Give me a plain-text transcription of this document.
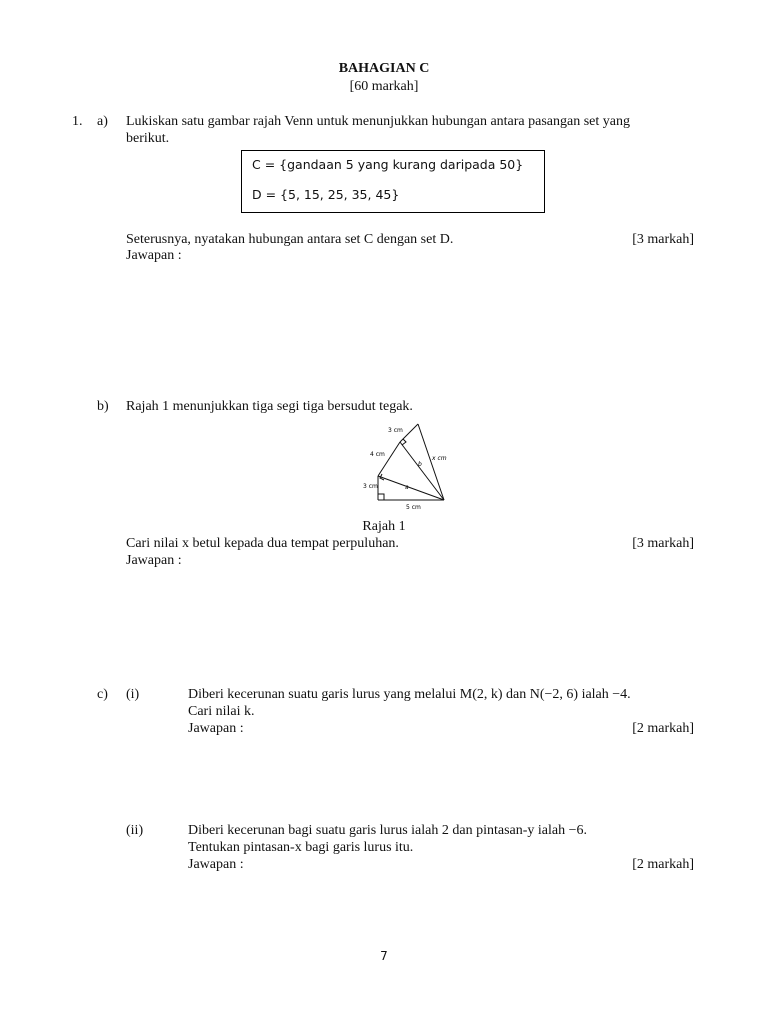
BAHAGIAN C
[60 markah]
1. a) Lukiskan satu gambar rajah Venn untuk menunjukkan hubungan antara pasangan set yang
berikut.
C = {gandaan 5 yang kurang daripada 50}
D = {5, 15, 25, 35, 45}
Seterusnya, nyatakan hubungan antara set C dengan set D.	[3 markah]
Jawapan :
b) Rajah 1 menunjukkan tiga segi tiga bersudut tegak.
3 cm
4 cm
x cm
b
3 cm	a
5 cm
Rajah 1
Cari nilai x betul kepada dua tempat perpuluhan.	[3 markah]
Jawapan :
c) (i)	Diberi kecerunan suatu garis lurus yang melalui M(2, k) dan N(−2, 6) ialah −4.
Cari nilai k.
Jawapan :	[2 markah]
(ii)	Diberi kecerunan bagi suatu garis lurus ialah 2 dan pintasan-y ialah −6.
Tentukan pintasan-x bagi garis lurus itu.
Jawapan :	[2 markah]
7
